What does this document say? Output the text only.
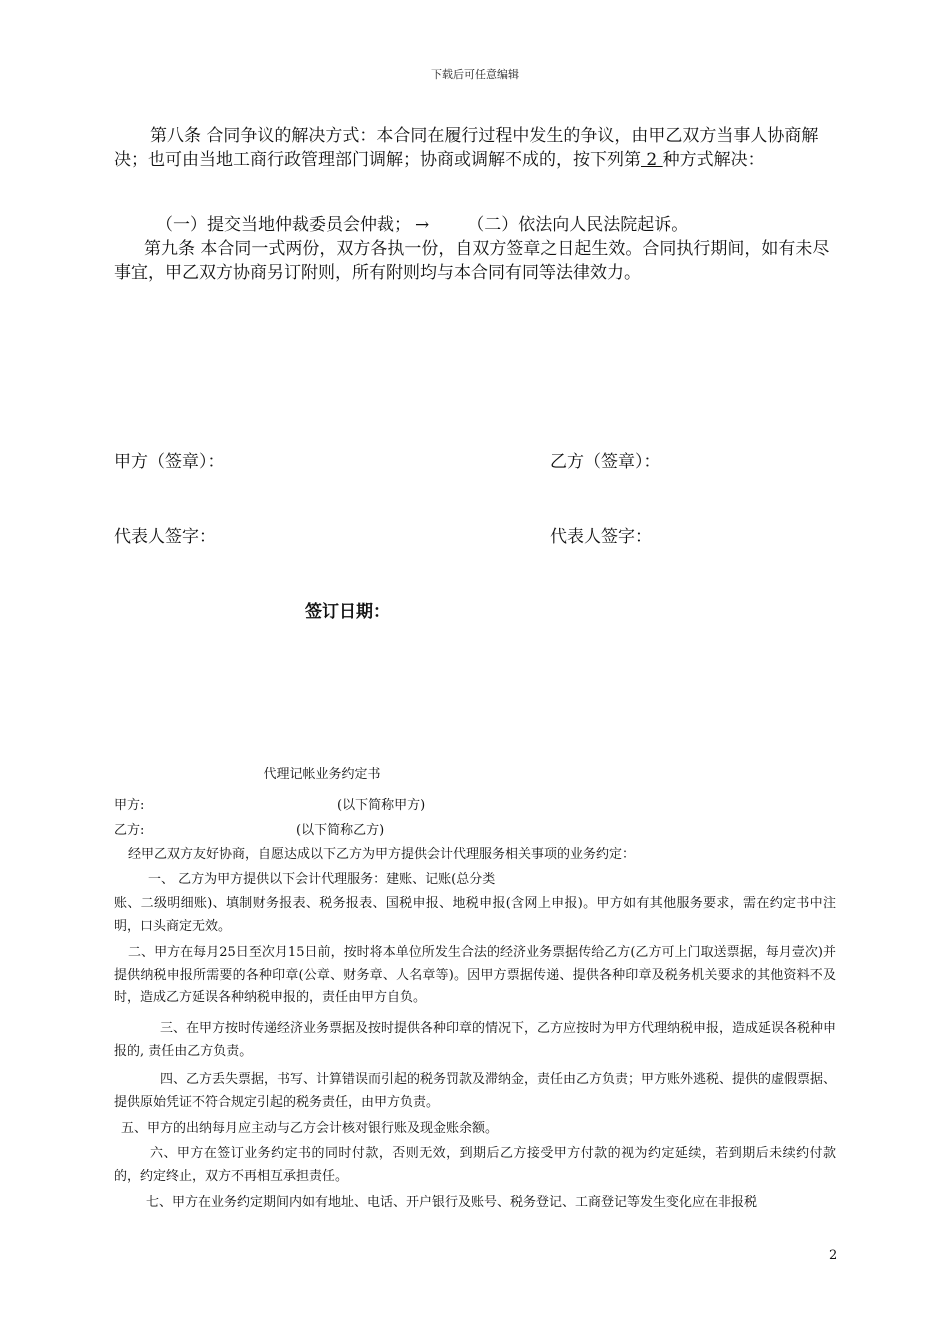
下载后可任意编辑
第八条 合同争议的解决方式：本合同在履行过程中发生的争议，由甲乙双方当事人协商解决；也可由当地工商行政管理部门调解；协商或调解不成的，按下列第 2 种方式解决：
（一）提交当地仲裁委员会仲裁； → （二）依法向人民法院起诉。
第九条 本合同一式两份，双方各执一份，自双方签章之日起生效。合同执行期间，如有未尽事宜，甲乙双方协商另订附则，所有附则均与本合同有同等法律效力。
甲方（签章）：	乙方（签章）：
代表人签字：	代表人签字：
签订日期：
代理记帐业务约定书
甲方:	(以下简称甲方)
乙方:	(以下简称乙方)
经甲乙双方友好协商，自愿达成以下乙方为甲方提供会计代理服务相关事项的业务约定：
一、 乙方为甲方提供以下会计代理服务：建账、记账(总分类
账、二级明细账)、填制财务报表、税务报表、国税申报、地税申报(含网上申报)。甲方如有其他服务要求，需在约定书中注明，口头商定无效。
二、甲方在每月25日至次月15日前，按时将本单位所发生合法的经济业务票据传给乙方(乙方可上门取送票据，每月壹次)并提供纳税申报所需要的各种印章(公章、财务章、人名章等)。因甲方票据传递、提供各种印章及税务机关要求的其他资料不及时，造成乙方延误各种纳税申报的，责任由甲方自负。
三、在甲方按时传递经济业务票据及按时提供各种印章的情况下，乙方应按时为甲方代理纳税申报，造成延误各税种申报的, 责任由乙方负责。
四、乙方丢失票据，书写、计算错误而引起的税务罚款及滞纳金，责任由乙方负责；甲方账外逃税、提供的虚假票据、提供原始凭证不符合规定引起的税务责任，由甲方负责。
五、甲方的出纳每月应主动与乙方会计核对银行账及现金账余额。
六、甲方在签订业务约定书的同时付款，否则无效，到期后乙方接受甲方付款的视为约定延续，若到期后未续约付款的，约定终止，双方不再相互承担责任。
七、甲方在业务约定期间内如有地址、电话、开户银行及账号、税务登记、工商登记等发生变化应在非报税
2
